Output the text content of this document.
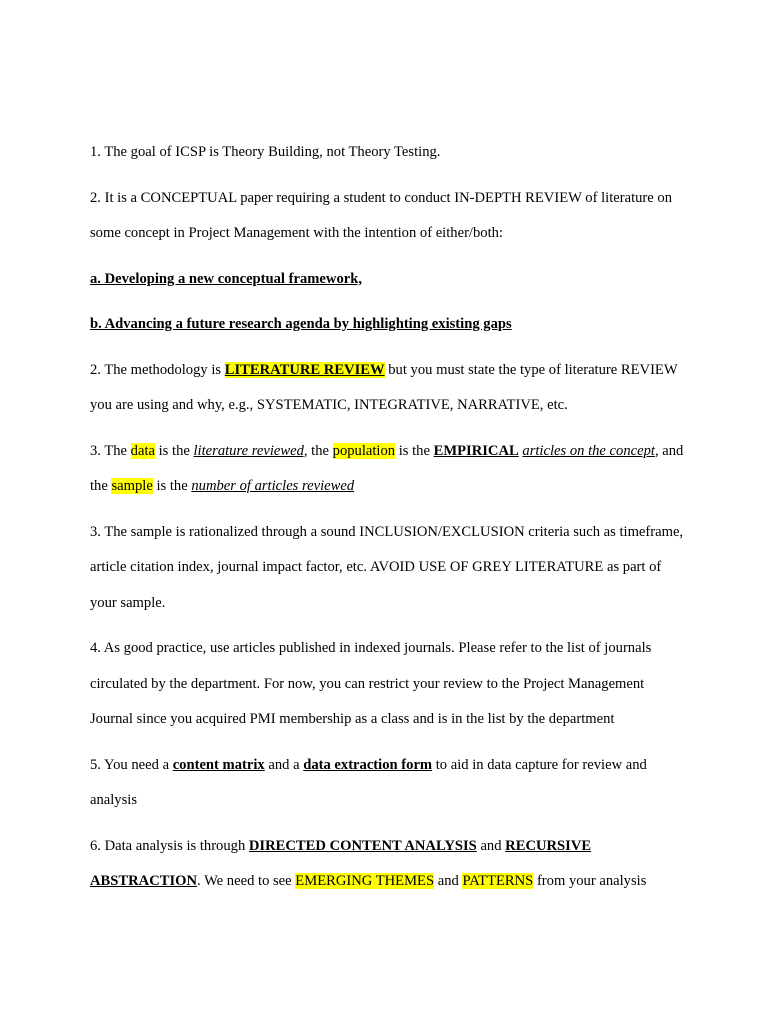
1. The goal of ICSP is Theory Building, not Theory Testing.

2. It is a CONCEPTUAL paper requiring a student to conduct IN-DEPTH REVIEW of literature on some concept in Project Management with the intention of either/both:

a. Developing a new conceptual framework,

b. Advancing a future research agenda by highlighting existing gaps

2. The methodology is LITERATURE REVIEW but you must state the type of literature REVIEW you are using and why, e.g., SYSTEMATIC, INTEGRATIVE, NARRATIVE, etc.

3. The data is the literature reviewed, the population is the EMPIRICAL articles on the concept, and the sample is the number of articles reviewed

3. The sample is rationalized through a sound INCLUSION/EXCLUSION criteria such as timeframe, article citation index, journal impact factor, etc. AVOID USE OF GREY LITERATURE as part of your sample.

4. As good practice, use articles published in indexed journals. Please refer to the list of journals circulated by the department. For now, you can restrict your review to the Project Management Journal since you acquired PMI membership as a class and is in the list by the department

5. You need a content matrix and a data extraction form to aid in data capture for review and analysis

6. Data analysis is through DIRECTED CONTENT ANALYSIS and RECURSIVE ABSTRACTION. We need to see EMERGING THEMES and PATTERNS from your analysis
